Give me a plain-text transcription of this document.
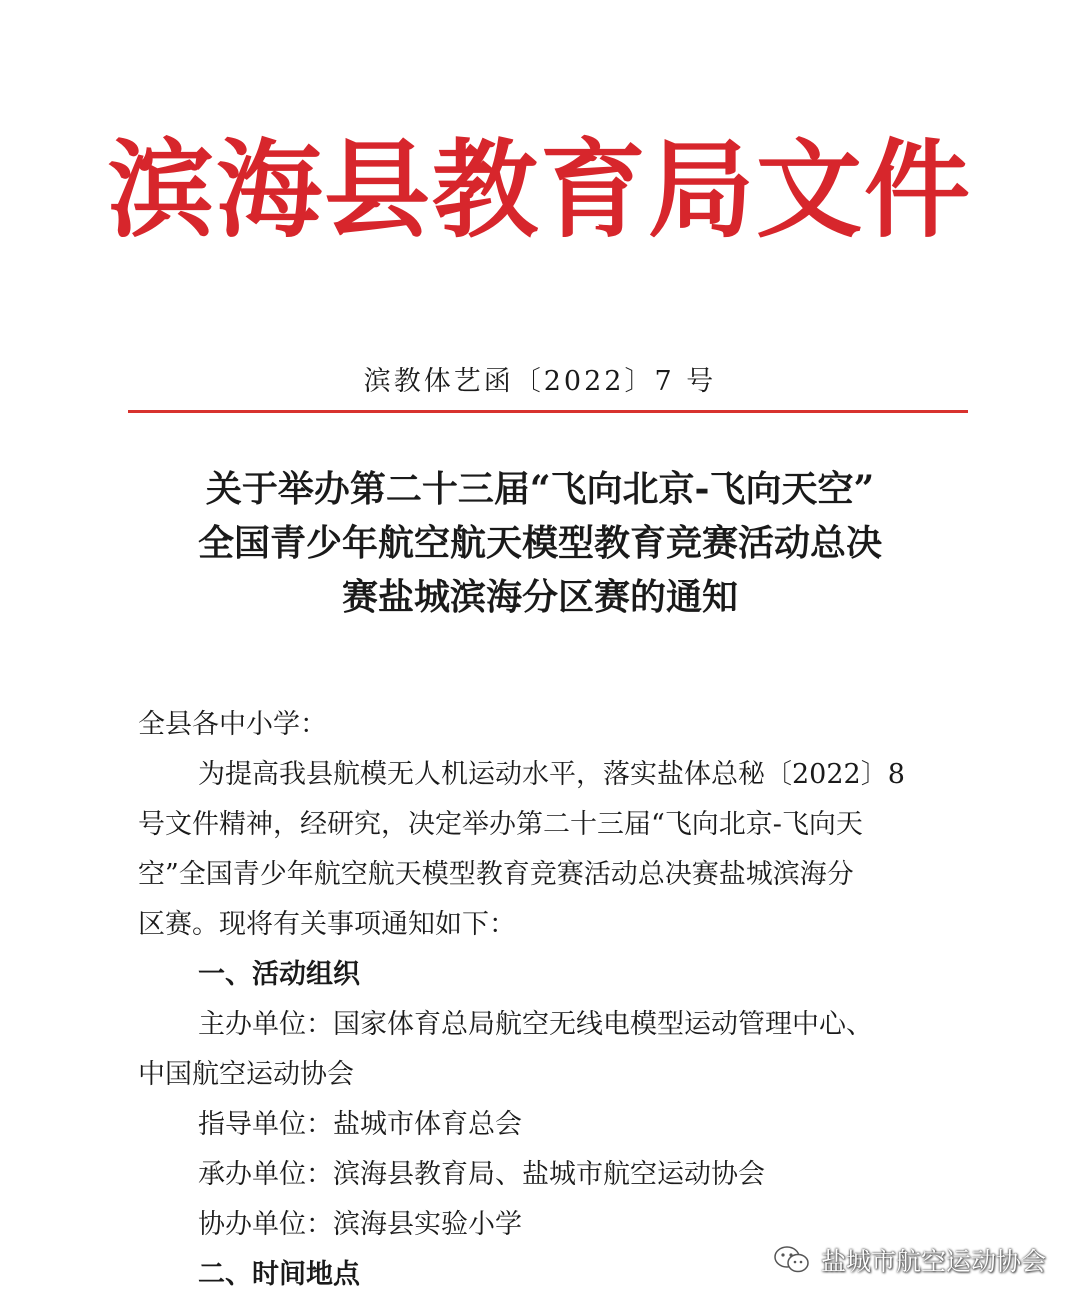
滨海县教育局文件
滨教体艺函〔2022〕7 号
关于举办第二十三届“飞向北京-飞向天空”
全国青少年航空航天模型教育竞赛活动总决
赛盐城滨海分区赛的通知
全县各中小学：
为提高我县航模无人机运动水平，落实盐体总秘〔2022〕8
号文件精神，经研究，决定举办第二十三届“飞向北京-飞向天
空”全国青少年航空航天模型教育竞赛活动总决赛盐城滨海分
区赛。现将有关事项通知如下：
一、活动组织
主办单位：国家体育总局航空无线电模型运动管理中心、
中国航空运动协会
指导单位：盐城市体育总会
承办单位：滨海县教育局、盐城市航空运动协会
协办单位：滨海县实验小学
二、时间地点	盐城市航空运动协会
